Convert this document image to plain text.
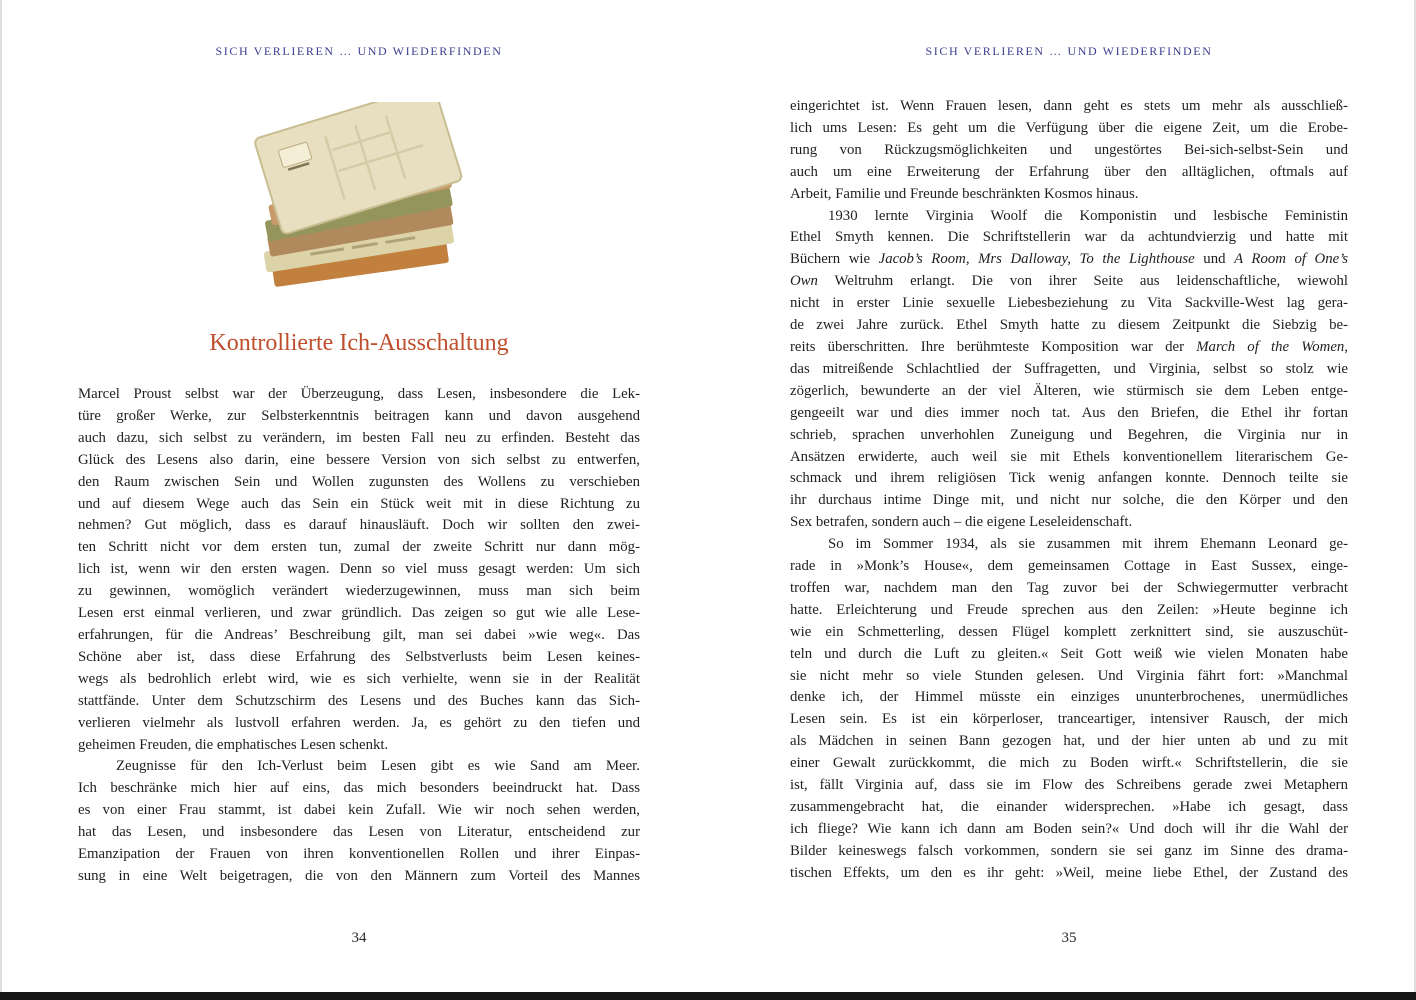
SICH VERLIEREN … UND WIEDERFINDEN
Kontrollierte Ich-Ausschaltung
Marcel Proust selbst war der Überzeugung, dass Lesen, insbesondere die Lek-
türe großer Werke, zur Selbsterkenntnis beitragen kann und davon ausgehend
auch dazu, sich selbst zu verändern, im besten Fall neu zu erfinden. Besteht das
Glück des Lesens also darin, eine bessere Version von sich selbst zu entwerfen,
den Raum zwischen Sein und Wollen zugunsten des Wollens zu verschieben
und auf diesem Wege auch das Sein ein Stück weit mit in diese Richtung zu
nehmen? Gut möglich, dass es darauf hinausläuft. Doch wir sollten den zwei-
ten Schritt nicht vor dem ersten tun, zumal der zweite Schritt nur dann mög-
lich ist, wenn wir den ersten wagen. Denn so viel muss gesagt werden: Um sich
zu gewinnen, womöglich verändert wiederzugewinnen, muss man sich beim
Lesen erst einmal verlieren, und zwar gründlich. Das zeigen so gut wie alle Lese-
erfahrungen, für die Andreas’ Beschreibung gilt, man sei dabei »wie weg«. Das
Schöne aber ist, dass diese Erfahrung des Selbstverlusts beim Lesen keines-
wegs als bedrohlich erlebt wird, wie es sich verhielte, wenn sie in der Realität
stattfände. Unter dem Schutzschirm des Lesens und des Buches kann das Sich-
verlieren vielmehr als lustvoll erfahren werden. Ja, es gehört zu den tiefen und
geheimen Freuden, die emphatisches Lesen schenkt.
Zeugnisse für den Ich-Verlust beim Lesen gibt es wie Sand am Meer.
Ich beschränke mich hier auf eins, das mich besonders beeindruckt hat. Dass
es von einer Frau stammt, ist dabei kein Zufall. Wie wir noch sehen werden,
hat das Lesen, und insbesondere das Lesen von Literatur, entscheidend zur
Emanzipation der Frauen von ihren konventionellen Rollen und ihrer Einpas-
sung in eine Welt beigetragen, die von den Männern zum Vorteil des Mannes
34
SICH VERLIEREN … UND WIEDERFINDEN
eingerichtet ist. Wenn Frauen lesen, dann geht es stets um mehr als ausschließ-
lich ums Lesen: Es geht um die Verfügung über die eigene Zeit, um die Erobe-
rung von Rückzugsmöglichkeiten und ungestörtes Bei-sich-selbst-Sein und
auch um eine Erweiterung der Erfahrung über den alltäglichen, oftmals auf
Arbeit, Familie und Freunde beschränkten Kosmos hinaus.
1930 lernte Virginia Woolf die Komponistin und lesbische Feministin
Ethel Smyth kennen. Die Schriftstellerin war da achtundvierzig und hatte mit
Büchern wie Jacob’s Room, Mrs Dalloway, To the Lighthouse und A Room of One’s
Own Weltruhm erlangt. Die von ihrer Seite aus leidenschaftliche, wiewohl
nicht in erster Linie sexuelle Liebesbeziehung zu Vita Sackville-West lag gera-
de zwei Jahre zurück. Ethel Smyth hatte zu diesem Zeitpunkt die Siebzig be-
reits überschritten. Ihre berühmteste Komposition war der March of the Women,
das mitreißende Schlachtlied der Suffragetten, und Virginia, selbst so stolz wie
zögerlich, bewunderte an der viel Älteren, wie stürmisch sie dem Leben entge-
gengeeilt war und dies immer noch tat. Aus den Briefen, die Ethel ihr fortan
schrieb, sprachen unverhohlen Zuneigung und Begehren, die Virginia nur in
Ansätzen erwiderte, auch weil sie mit Ethels konventionellem literarischem Ge-
schmack und ihrem religiösen Tick wenig anfangen konnte. Dennoch teilte sie
ihr durchaus intime Dinge mit, und nicht nur solche, die den Körper und den
Sex betrafen, sondern auch – die eigene Leseleidenschaft.
So im Sommer 1934, als sie zusammen mit ihrem Ehemann Leonard ge-
rade in »Monk’s House«, dem gemeinsamen Cottage in East Sussex, einge-
troffen war, nachdem man den Tag zuvor bei der Schwiegermutter verbracht
hatte. Erleichterung und Freude sprechen aus den Zeilen: »Heute beginne ich
wie ein Schmetterling, dessen Flügel komplett zerknittert sind, sie auszuschüt-
teln und durch die Luft zu gleiten.« Seit Gott weiß wie vielen Monaten habe
sie nicht mehr so viele Stunden gelesen. Und Virginia fährt fort: »Manchmal
denke ich, der Himmel müsste ein einziges ununterbrochenes, unermüdliches
Lesen sein. Es ist ein körperloser, tranceartiger, intensiver Rausch, der mich
als Mädchen in seinen Bann gezogen hat, und der hier unten ab und zu mit
einer Gewalt zurückkommt, die mich zu Boden wirft.« Schriftstellerin, die sie
ist, fällt Virginia auf, dass sie im Flow des Schreibens gerade zwei Metaphern
zusammengebracht hat, die einander widersprechen. »Habe ich gesagt, dass
ich fliege? Wie kann ich dann am Boden sein?« Und doch will ihr die Wahl der
Bilder keineswegs falsch vorkommen, sondern sie sei ganz im Sinne des drama-
tischen Effekts, um den es ihr geht: »Weil, meine liebe Ethel, der Zustand des
35
